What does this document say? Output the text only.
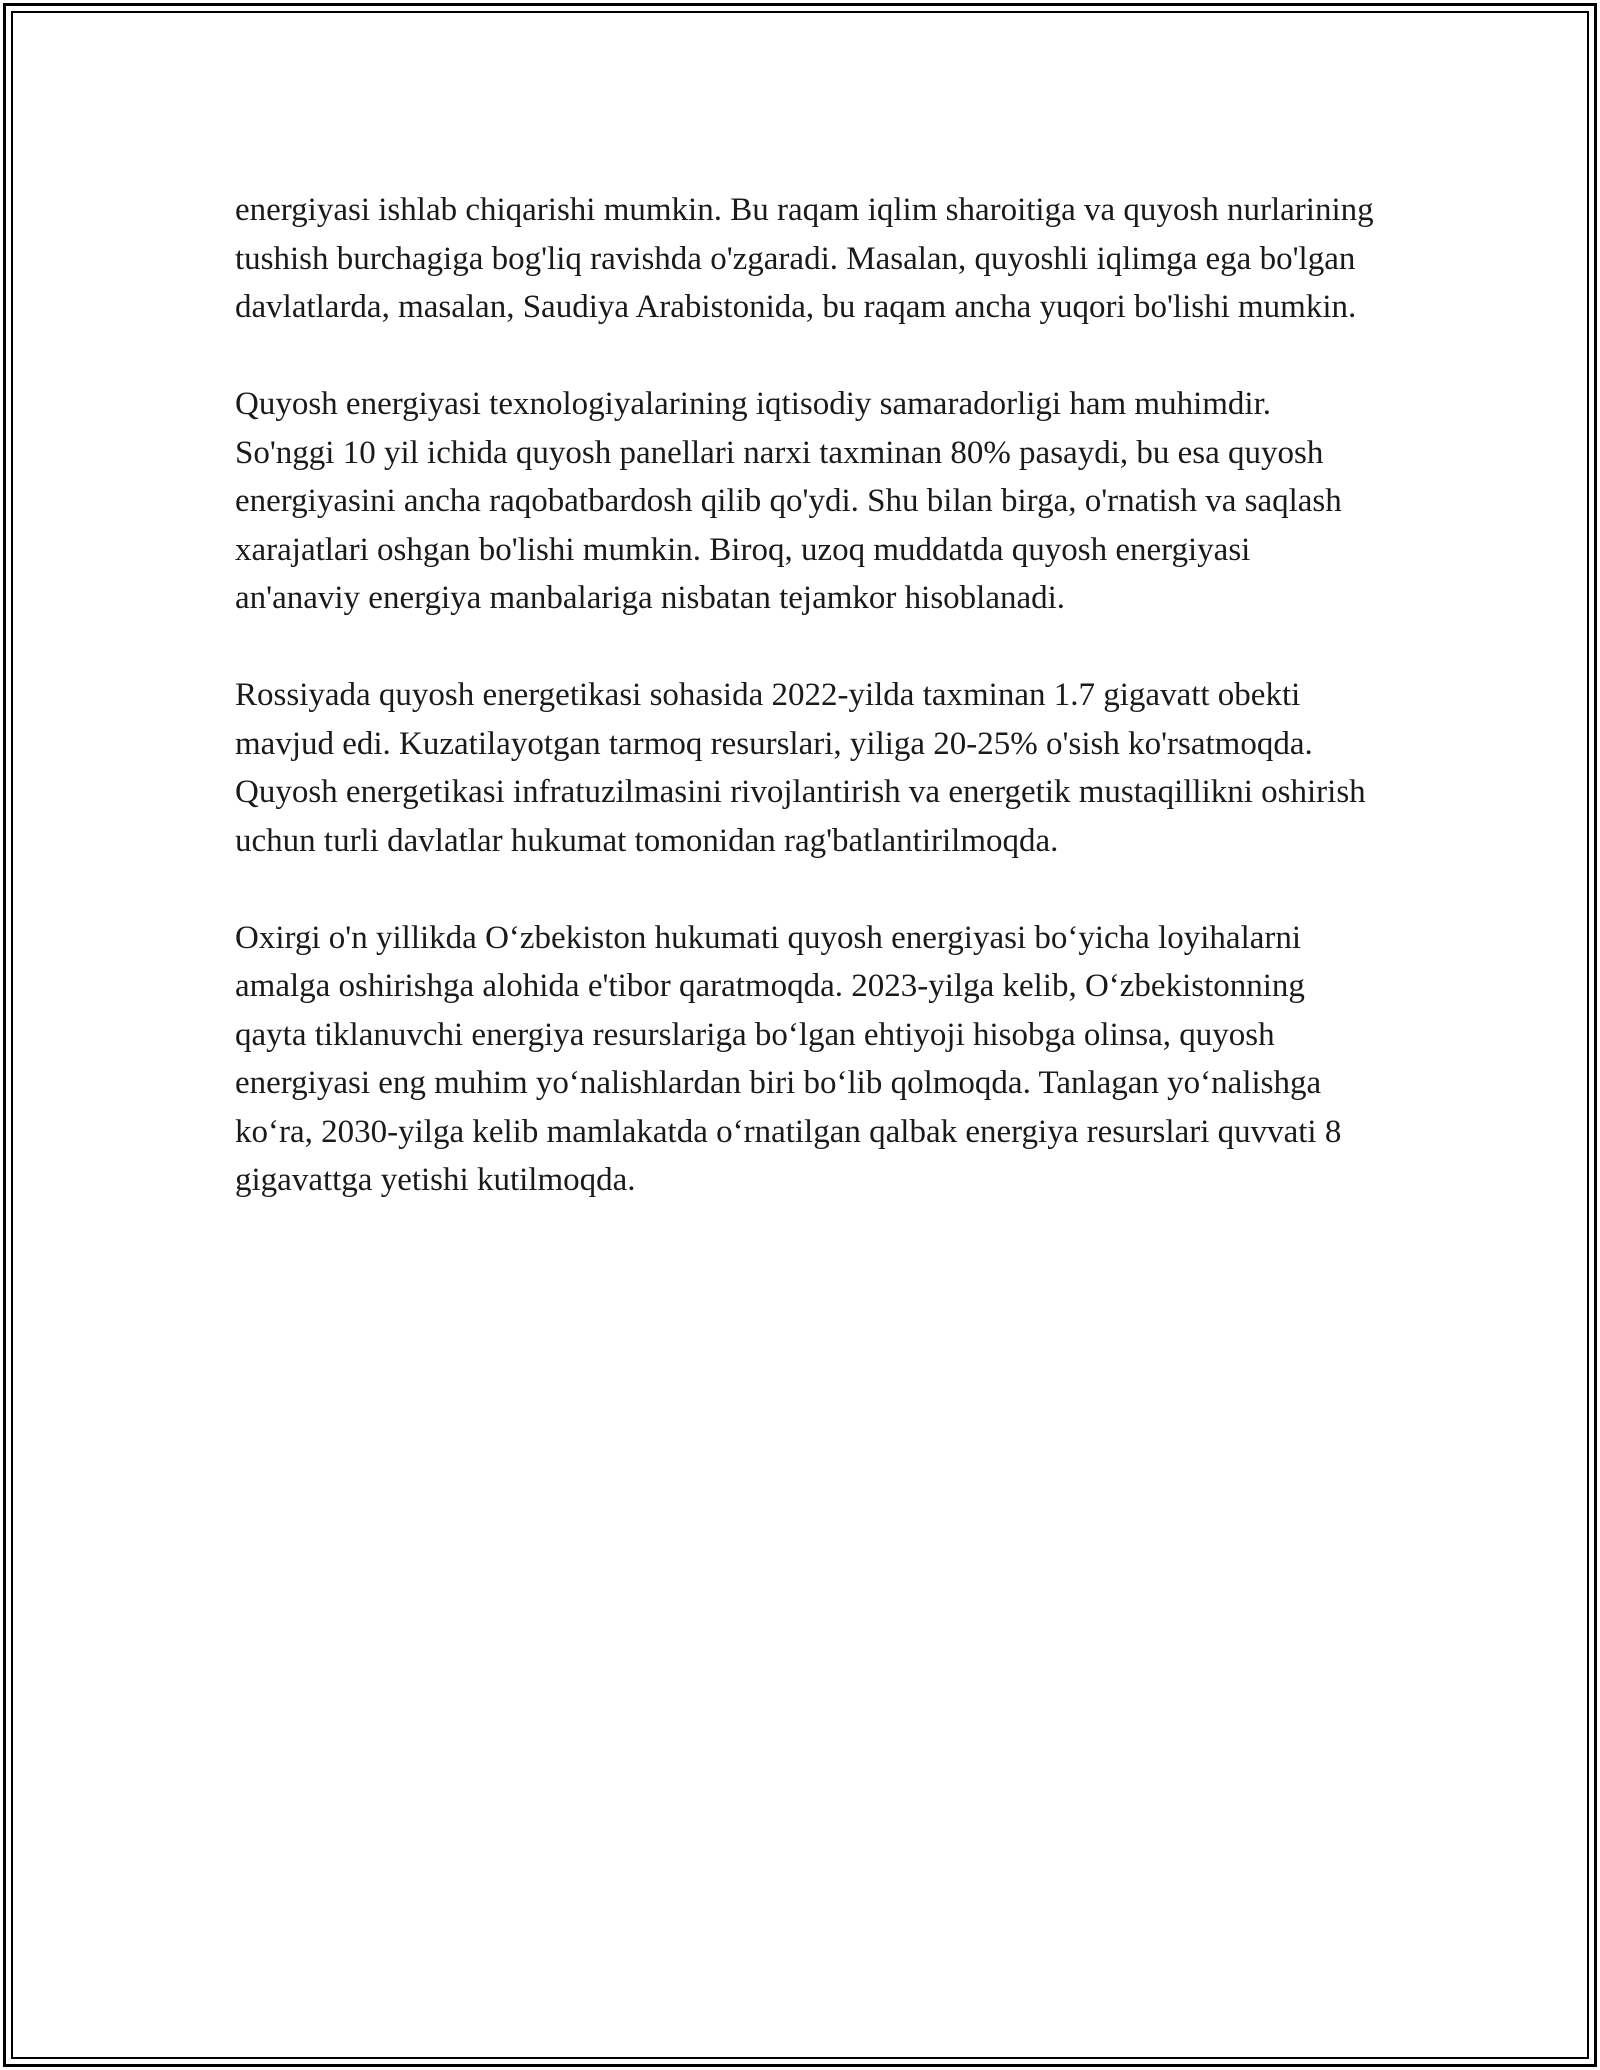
energiyasi ishlab chiqarishi mumkin. Bu raqam iqlim sharoitiga va quyosh nurlarining tushish burchagiga bog'liq ravishda o'zgaradi. Masalan, quyoshli iqlimga ega bo'lgan davlatlarda, masalan, Saudiya Arabistonida, bu raqam ancha yuqori bo'lishi mumkin.

Quyosh energiyasi texnologiyalarining iqtisodiy samaradorligi ham muhimdir. So'nggi 10 yil ichida quyosh panellari narxi taxminan 80% pasaydi, bu esa quyosh energiyasini ancha raqobatbardosh qilib qo'ydi. Shu bilan birga, o'rnatish va saqlash xarajatlari oshgan bo'lishi mumkin. Biroq, uzoq muddatda quyosh energiyasi an'anaviy energiya manbalariga nisbatan tejamkor hisoblanadi.

Rossiyada quyosh energetikasi sohasida 2022-yilda taxminan 1.7 gigavatt obekti mavjud edi. Kuzatilayotgan tarmoq resurslari, yiliga 20-25% o'sish ko'rsatmoqda. Quyosh energetikasi infratuzilmasini rivojlantirish va energetik mustaqillikni oshirish uchun turli davlatlar hukumat tomonidan rag'batlantirilmoqda.

Oxirgi o'n yillikda O‘zbekiston hukumati quyosh energiyasi bo‘yicha loyihalarni amalga oshirishga alohida e'tibor qaratmoqda. 2023-yilga kelib, O‘zbekistonning qayta tiklanuvchi energiya resurslariga bo‘lgan ehtiyoji hisobga olinsa, quyosh energiyasi eng muhim yo‘nalishlardan biri bo‘lib qolmoqda. Tanlagan yo‘nalishga ko‘ra, 2030-yilga kelib mamlakatda o‘rnatilgan qalbak energiya resurslari quvvati 8 gigavattga yetishi kutilmoqda.
